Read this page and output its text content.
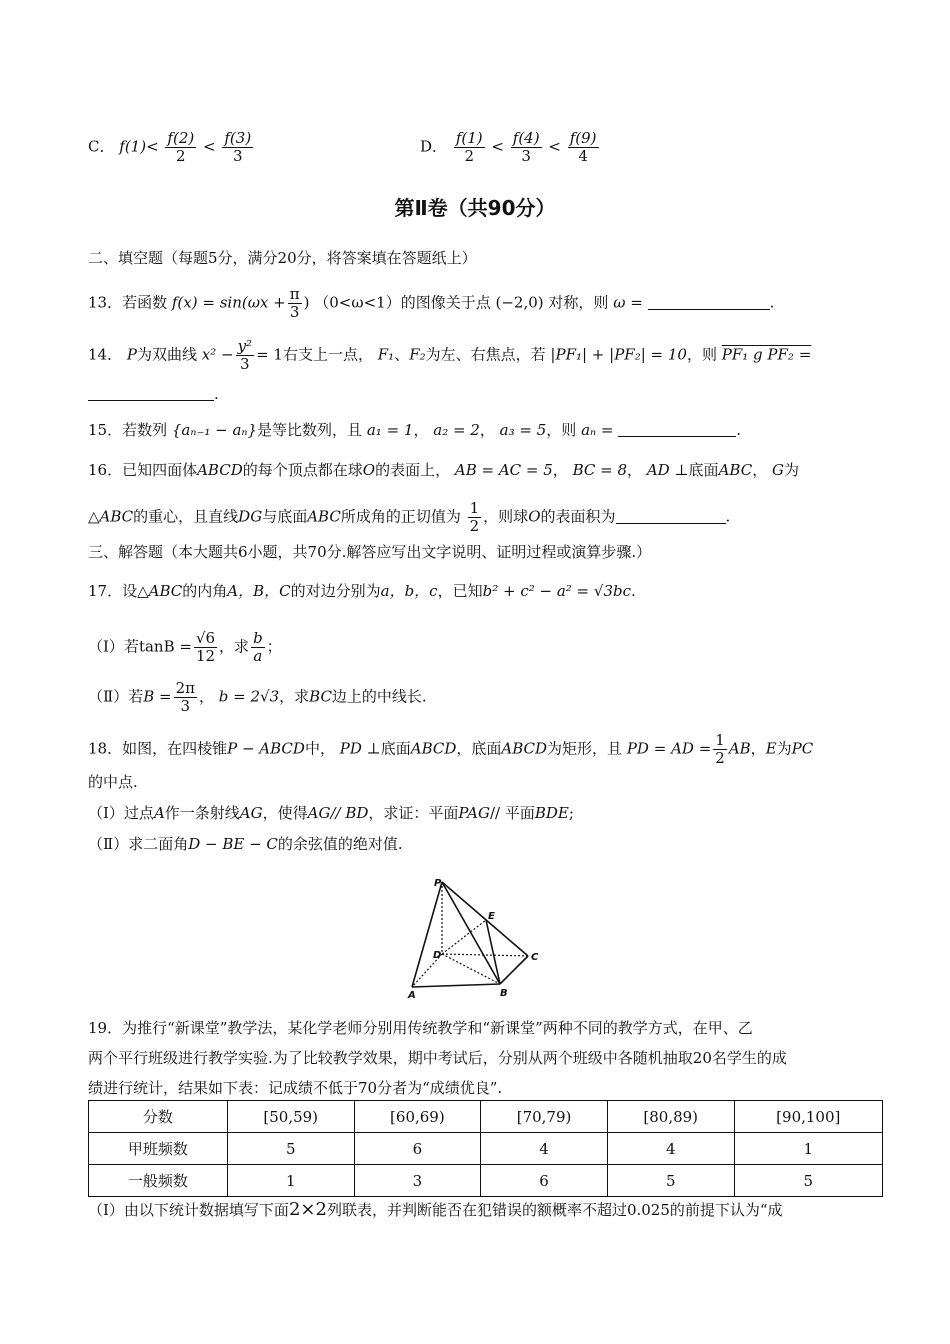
C． $f(1)< \frac{f(2)}{2} < \frac{f(3)}{3}$	D． $\frac{f(1)}{2} < \frac{f(4)}{3} < \frac{f(9)}{4}$
第Ⅱ卷（共90分）
二、填空题（每题5分，满分20分，将答案填在答题纸上）
13．若函数 $f(x) = \sin(\omega x + \frac{\pi}{3}$ ) （0<ω<1）的图像关于点 (−2,0) 对称，则 ω =	.
14． P为双曲线 $x^2 - \frac{\text{y²}}{3} = 1$右支上一点， F₁、F₂为左、右焦点，若 |PF₁| + |PF₂| = 10，则 PF₁ g PF₂ =
.
15．若数列 {aₙ₋₁ − aₙ}是等比数列，且 a₁ = 1， a₂ = 2， a₃ = 5，则 aₙ =	.
16．已知四面体ABCD的每个顶点都在球O的表面上， AB = AC = 5， BC = 8， AD ⊥底面ABC， G为
△ABC的重心，且直线DG与底面ABC所成角的正切值为 $\frac{1}{2}$ ，则球O的表面积为	.
三、解答题（本大题共6小题，共70分.解答应写出文字说明、证明过程或演算步骤.）
17．设△ABC的内角A，B，C的对边分别为a，b，c，已知b² + c² − a² = √3bc.
（Ⅰ）若$\tan B = \frac{√6}{12}$ ，求 $\frac{b}{a}$ ；
（Ⅱ）若$B = \frac{2\pi}{3}$ ， b = 2√3，求BC边上的中线长.
18．如图，在四棱锥P − ABCD中， PD ⊥底面ABCD，底面ABCD为矩形，且 PD = AD = $\frac{1}{2}$ AB，E为PC
的中点.
（Ⅰ）过点A作一条射线AG，使得AG// BD，求证：平面PAG// 平面BDE;
（Ⅱ）求二面角D − BE − C的余弦值的绝对值.
P
E
D	C
A	B
19．为推行“新课堂”教学法，某化学老师分别用传统教学和“新课堂”两种不同的教学方式，在甲、乙
两个平行班级进行教学实验.为了比较教学效果，期中考试后，分别从两个班级中各随机抽取20名学生的成
绩进行统计，结果如下表：记成绩不低于70分者为“成绩优良”.
分数	[50,59)	[60,69)	[70,79)	[80,89)	[90,100]
甲班频数	5	6	4	4	1
一般频数	1	3	6	5	5
（Ⅰ）由以下统计数据填写下面2×2列联表，并判断能否在犯错误的额概率不超过0.025的前提下认为“成
